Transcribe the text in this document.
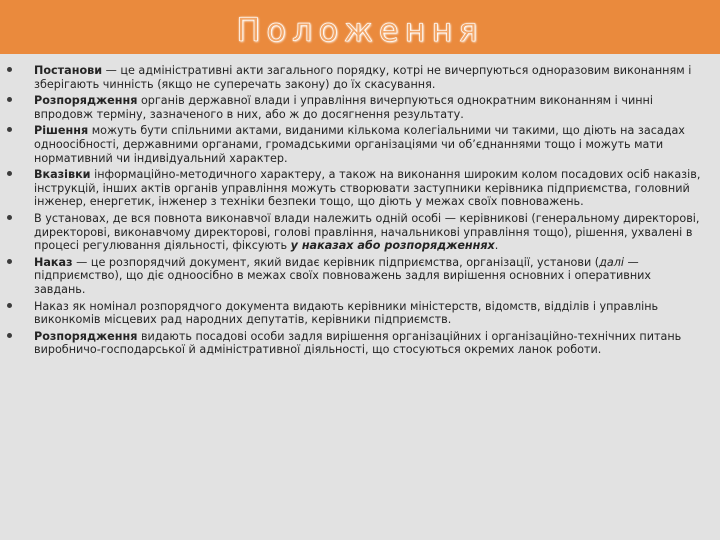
Положення
Постанови — це адміністративні акти загального порядку, котрі не вичерпуються одноразовим виконанням і зберігають чинність (якщо не суперечать закону) до їх скасування.
Розпорядження органів державної влади і управління вичерпуються однократним виконанням і чинні впродовж терміну, зазначеного в них, або ж до досягнення результату.
Рішення можуть бути спільними актами, виданими кількома колегіальними чи такими, що діють на засадах одноосібності, державними органами, громадськими організаціями чи об’єднаннями тощо і можуть мати нормативний чи індивідуальний характер.
Вказівки інформаційно-методичного характеру, а також на виконання широким колом посадових осіб наказів, інструкцій, інших актів органів управління можуть створювати заступники керівника підприємства, головний інженер, енергетик, інженер з техніки безпеки тощо, що діють у межах своїх повноважень.
В установах, де вся повнота виконавчої влади належить одній особі — керівникові (генеральному директорові, директорові, виконавчому директорові, голові правління, начальникові управління тощо), рішення, ухвалені в процесі регулювання діяльності, фіксують у наказах або розпорядженнях.
Наказ — це розпорядчий документ, який видає керівник підприємства, організації, установи (далі — підприємство), що діє одноосібно в межах своїх повноважень задля вирішення основних і оперативних завдань.
Наказ як номінал розпорядчого документа видають керівники міністерств, відомств, відділів і управлінь виконкомів місцевих рад народних депутатів, керівники підприємств.
Розпорядження видають посадові особи задля вирішення організаційних і організаційно-технічних питань виробничо-господарської й адміністративної діяльності, що стосуються окремих ланок роботи.
